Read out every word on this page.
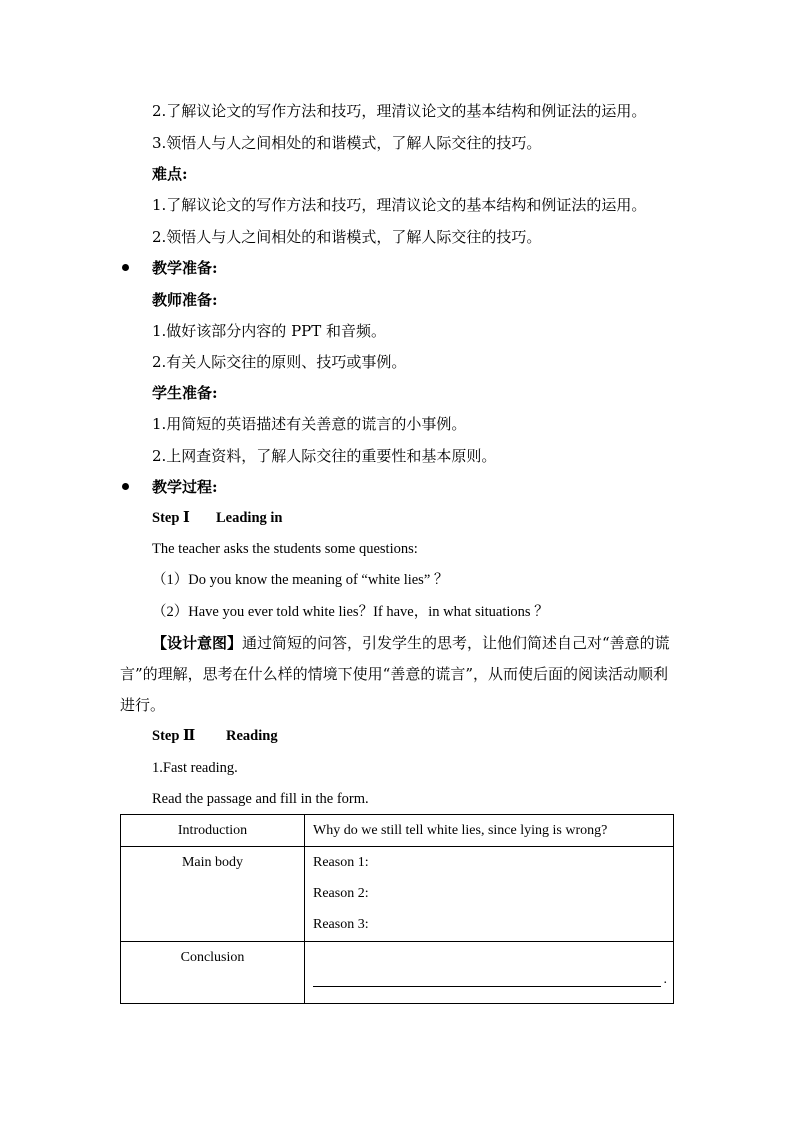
2.了解议论文的写作方法和技巧，理清议论文的基本结构和例证法的运用。
3.领悟人与人之间相处的和谐模式，了解人际交往的技巧。
难点:
1.了解议论文的写作方法和技巧，理清议论文的基本结构和例证法的运用。
2.领悟人与人之间相处的和谐模式，了解人际交往的技巧。
教学准备:
教师准备:
1.做好该部分内容的 PPT 和音频。
2.有关人际交往的原则、技巧或事例。
学生准备:
1.用简短的英语描述有关善意的谎言的小事例。
2.上网查资料，了解人际交往的重要性和基本原则。
教学过程:
Step Ⅰ Leading in
The teacher asks the students some questions:
（1）Do you know the meaning of “white lies” ？
（2）Have you ever told white lies？If have，in what situations ？
【设计意图】通过简短的问答，引发学生的思考，让他们简述自己对“善意的谎言”的理解，思考在什么样的情境下使用“善意的谎言”，从而使后面的阅读活动顺利进行。
Step Ⅱ Reading
1.Fast reading.
Read the passage and fill in the form.
Introduction	Why do we still tell white lies, since lying is wrong?

Main body	Reason 1:
Reason 2:
Reason 3:

Conclusion	.
